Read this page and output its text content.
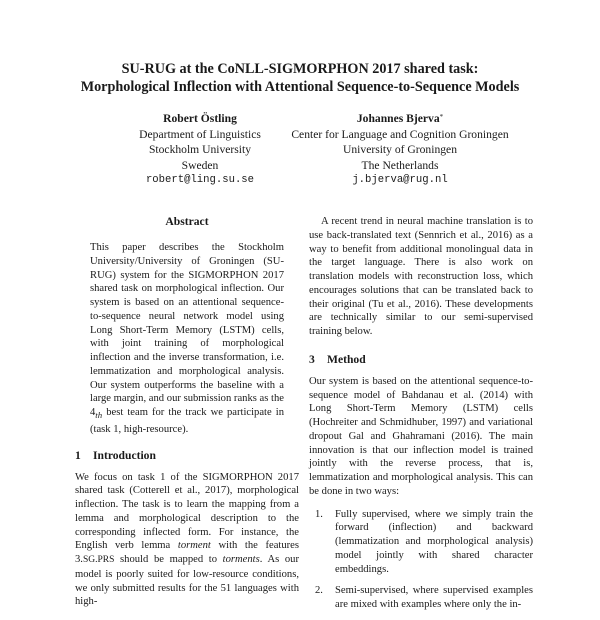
SU-RUG at the CoNLL-SIGMORPHON 2017 shared task:
Morphological Inflection with Attentional Sequence-to-Sequence Models
Robert Östling
Department of Linguistics
Stockholm University
Sweden
robert@ling.su.se
Johannes Bjerva*
Center for Language and Cognition Groningen
University of Groningen
The Netherlands
j.bjerva@rug.nl
Abstract

This paper describes the Stockholm University/University of Groningen (SU-RUG) system for the SIGMORPHON 2017 shared task on morphological inflection. Our system is based on an attentional sequence-to-sequence neural network model using Long Short-Term Memory (LSTM) cells, with joint training of morphological inflection and the inverse transformation, i.e. lemmatization and morphological analysis. Our system outperforms the baseline with a large margin, and our submission ranks as the $4_{th}$ best team for the track we participate in (task 1, high-resource).

1 Introduction

We focus on task 1 of the SIGMORPHON 2017 shared task (Cotterell et al., 2017), morphological inflection. The task is to learn the mapping from a lemma and morphological description to the corresponding inflected form. For instance, the English verb lemma torment with the features 3.SG.PRS should be mapped to torments. As our model is poorly suited for low-resource conditions, we only submitted results for the 51 languages with high-

A recent trend in neural machine translation is to use back-translated text (Sennrich et al., 2016) as a way to benefit from additional monolingual data in the target language. There is also work on translation models with reconstruction loss, which encourages solutions that can be translated back to their original (Tu et al., 2016). These developments are technically similar to our semi-supervised training below.

3 Method

Our system is based on the attentional sequence-to-sequence model of Bahdanau et al. (2014) with Long Short-Term Memory (LSTM) cells (Hochreiter and Schmidhuber, 1997) and variational dropout Gal and Ghahramani (2016). The main innovation is that our inflection model is trained jointly with the reverse process, that is, lemmatization and morphological analysis. This can be done in two ways:

1. Fully supervised, where we simply train the forward (inflection) and backward (lemmatization and morphological analysis) model jointly with shared character embeddings.
2. Semi-supervised, where supervised examples are mixed with examples where only the in-
